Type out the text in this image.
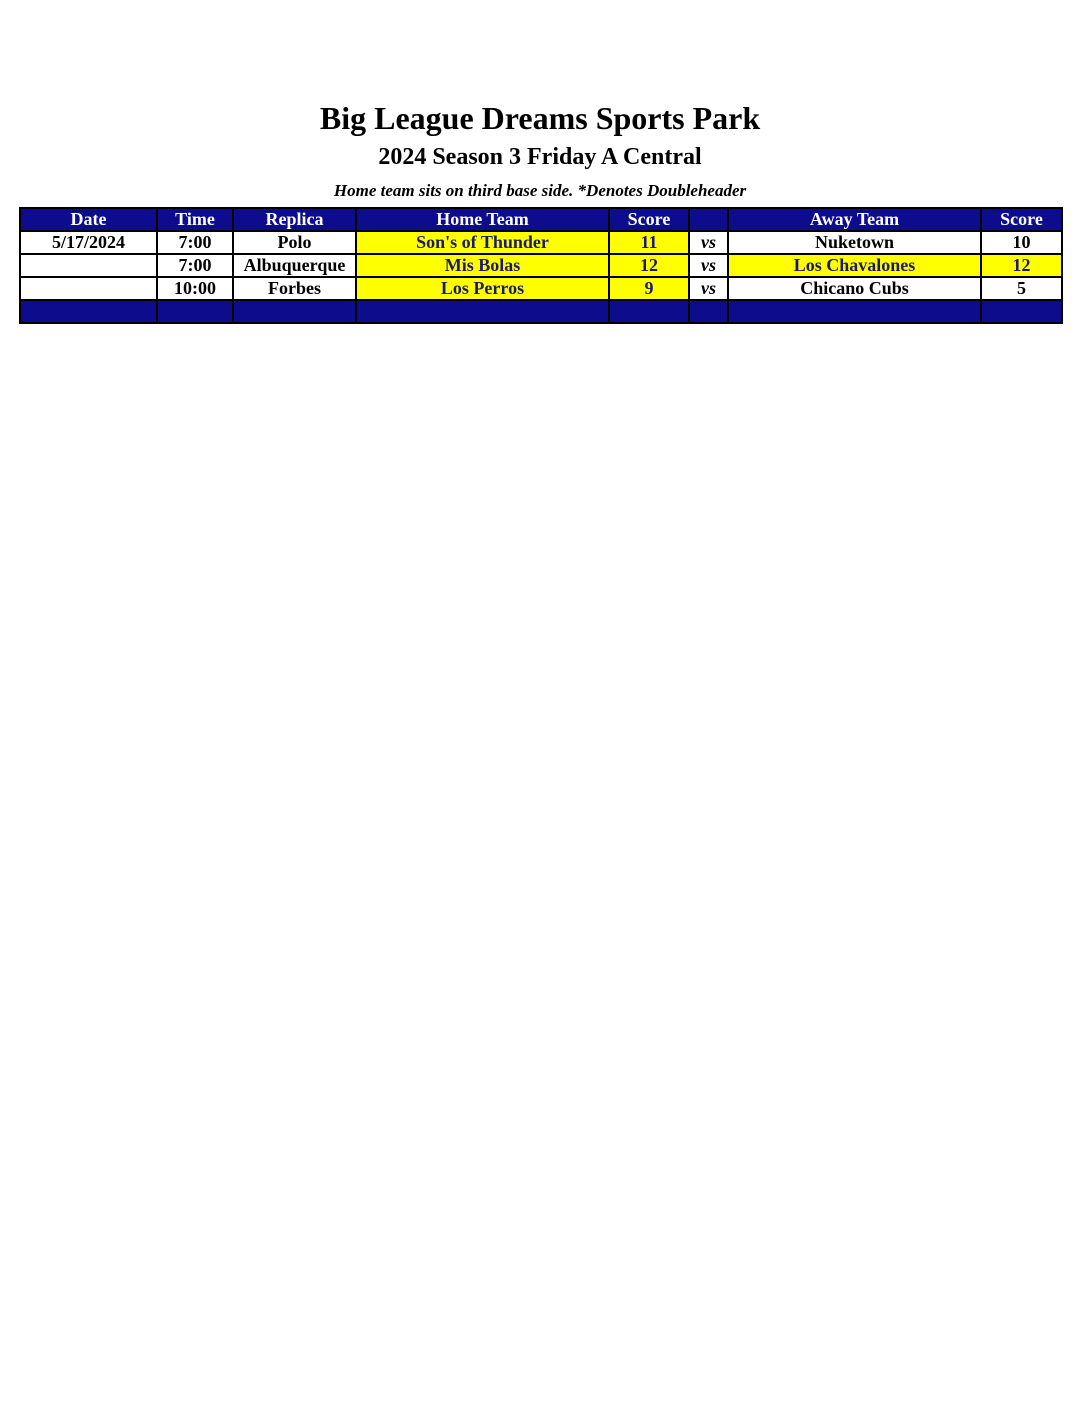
Big League Dreams Sports Park
2024 Season 3 Friday A Central
Home team sits on third base side. *Denotes Doubleheader
Date	Time	Replica	Home Team	Score		Away Team	Score
5/17/2024	7:00	Polo	Son's of Thunder	11	vs	Nuketown	10
	7:00	Albuquerque	Mis Bolas	12	vs	Los Chavalones	12
	10:00	Forbes	Los Perros	9	vs	Chicano Cubs	5
